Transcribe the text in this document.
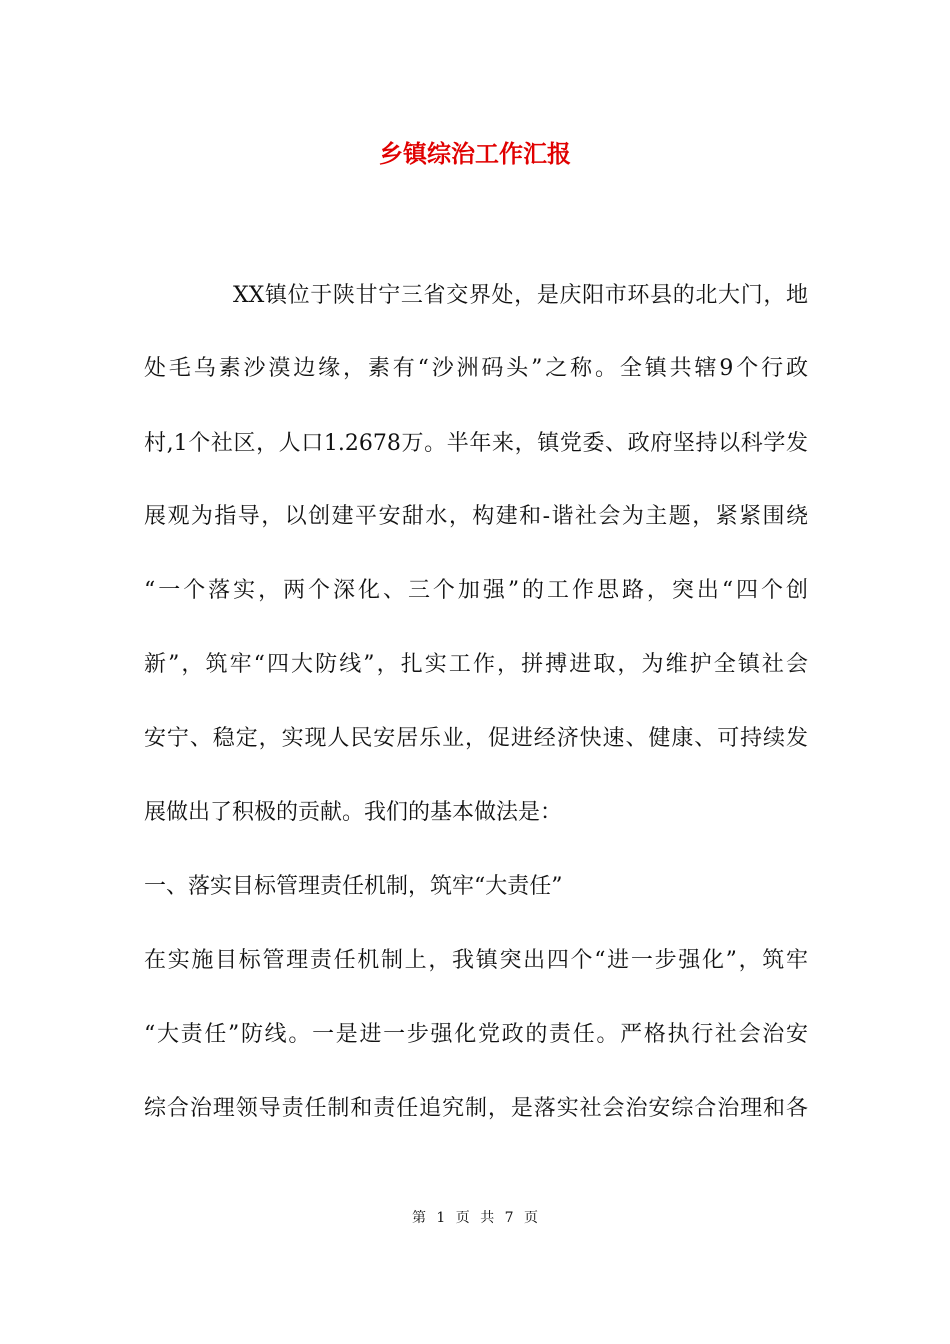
乡镇综治工作汇报
XX镇位于陕甘宁三省交界处，是庆阳市环县的北大门，地
处毛乌素沙漠边缘，素有“沙洲码头”之称。全镇共辖9个行政
村,1个社区，人口1.2678万。半年来，镇党委、政府坚持以科学发
展观为指导，以创建平安甜水，构建和-谐社会为主题，紧紧围绕
“一个落实，两个深化、三个加强”的工作思路，突出“四个创
新”，筑牢“四大防线”，扎实工作，拼搏进取，为维护全镇社会
安宁、稳定，实现人民安居乐业，促进经济快速、健康、可持续发
展做出了积极的贡献。我们的基本做法是：
一、落实目标管理责任机制，筑牢“大责任”
在实施目标管理责任机制上，我镇突出四个“进一步强化”，筑牢
“大责任”防线。一是进一步强化党政的责任。严格执行社会治安
综合治理领导责任制和责任追究制，是落实社会治安综合治理和各
第 1 页 共 7 页
